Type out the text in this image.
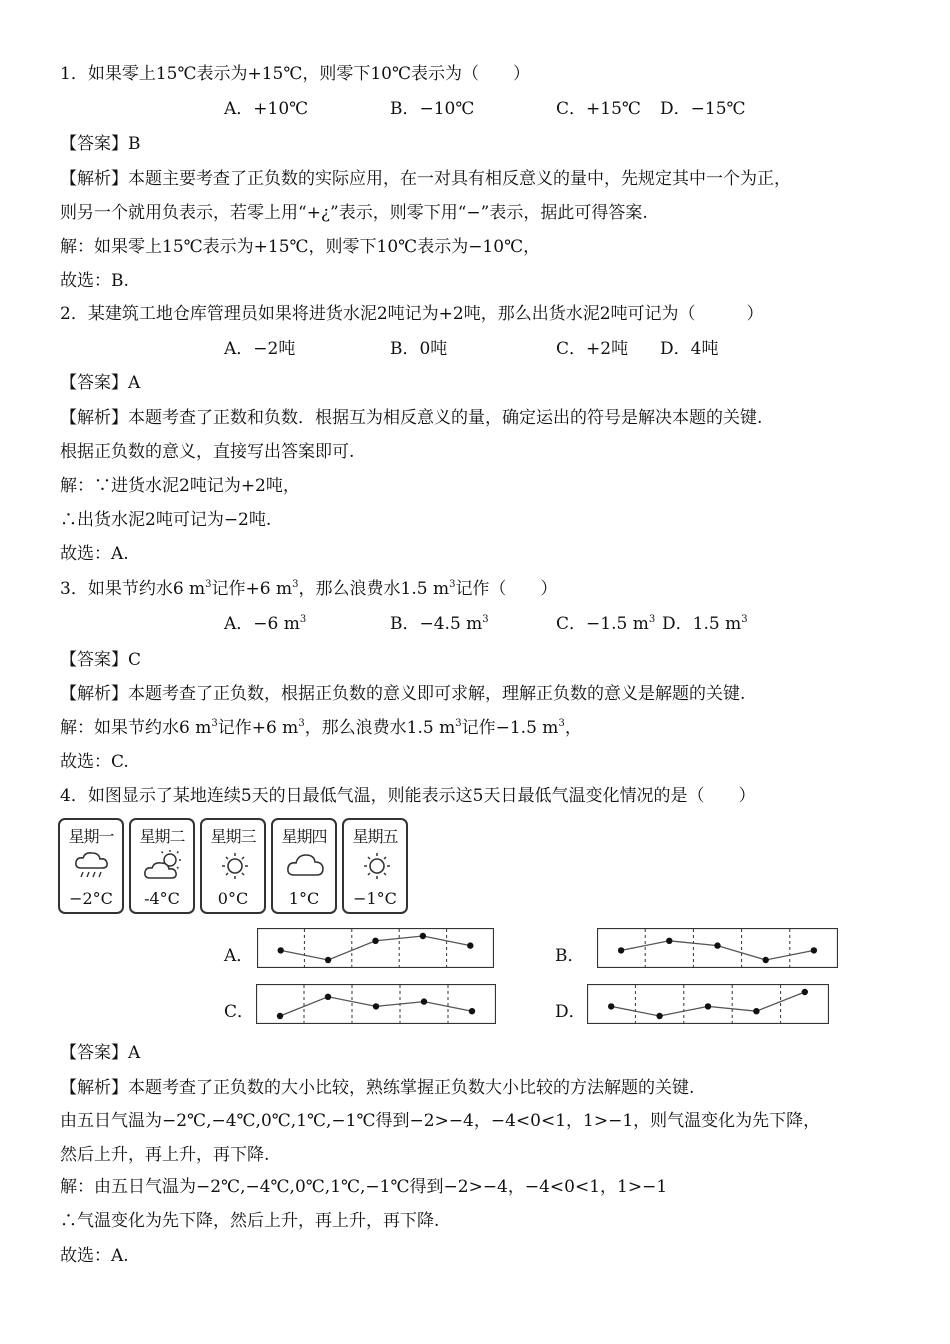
1．如果零上15℃表示为+15℃，则零下10℃表示为（　　）
A．+10℃	B．−10℃	C．+15℃ D．−15℃
【答案】B
【解析】本题主要考查了正负数的实际应用，在一对具有相反意义的量中，先规定其中一个为正，
则另一个就用负表示，若零上用“+¿”表示，则零下用“−”表示，据此可得答案.
解：如果零上15℃表示为+15℃，则零下10℃表示为−10℃，
故选：B.
2．某建筑工地仓库管理员如果将进货水泥2吨记为+2吨，那么出货水泥2吨可记为（　　　）
A．−2吨	B．0吨	C．+2吨 D．4吨
【答案】A
【解析】本题考查了正数和负数．根据互为相反意义的量，确定运出的符号是解决本题的关键.
根据正负数的意义，直接写出答案即可.
解：∵进货水泥2吨记为+2吨，
∴出货水泥2吨可记为−2吨.
故选：A.
3．如果节约水6 $m^3$记作+6 $m^3$，那么浪费水1.5 $m^3$记作（　　）
A．−6 $m^3$	B．−4.5 $m^3$	C．−1.5 $m^3$ D．1.5 $m^3$
【答案】C
【解析】本题考查了正负数，根据正负数的意义即可求解，理解正负数的意义是解题的关键.
解：如果节约水6 $m^3$记作+6 $m^3$，那么浪费水1.5 $m^3$记作−1.5 $m^3$，
故选：C.
4．如图显示了某地连续5天的日最低气温，则能表示这5天日最低气温变化情况的是（　　）
星期一
−2°C
星期二
-4°C
星期三
0°C
星期四
1°C
星期五
−1°C
A．	B．
C．	D．
【答案】A
【解析】本题考查了正负数的大小比较，熟练掌握正负数大小比较的方法解题的关键.
由五日气温为−2℃,−4℃,0℃,1℃,−1℃得到−2>−4，−4<0<1，1>−1，则气温变化为先下降，
然后上升，再上升，再下降.
解：由五日气温为−2℃,−4℃,0℃,1℃,−1℃得到−2>−4，−4<0<1，1>−1
∴气温变化为先下降，然后上升，再上升，再下降.
故选：A.
